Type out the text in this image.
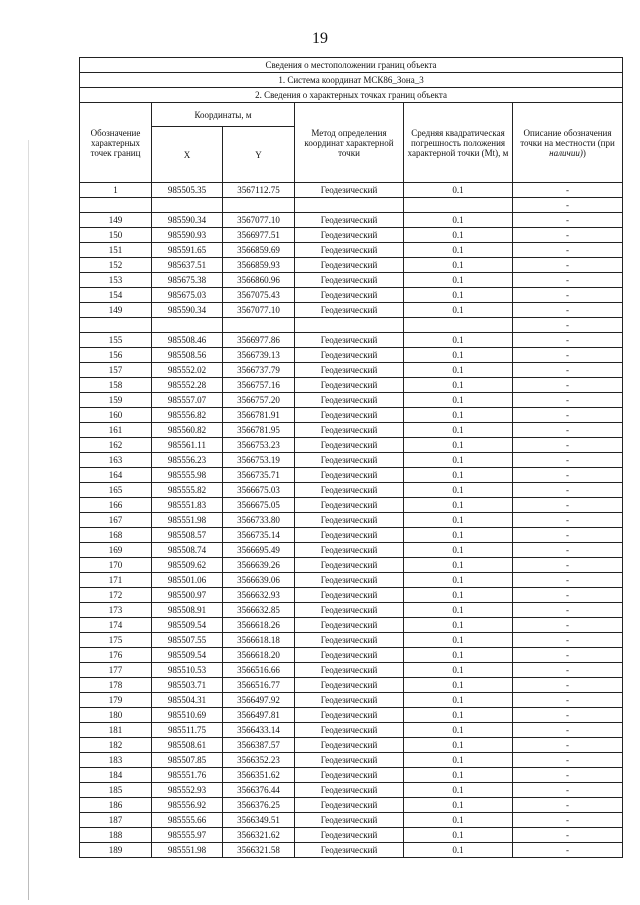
19
Сведения о местоположении границ объекта					
1. Система координат МСК86_Зона_3					
2. Сведения о характерных точках границ объекта					
Обозначение характерных точек границ	Координаты, м		Метод определения координат характерной точки	Средняя квадратическая погрешность положения характерной точки (Mt), м	Описание обозначения точки на местности (при наличии))
	X	Y			
1	985505.35	3567112.75	Геодезический	0.1	-
					-
149	985590.34	3567077.10	Геодезический	0.1	-
150	985590.93	3566977.51	Геодезический	0.1	-
151	985591.65	3566859.69	Геодезический	0.1	-
152	985637.51	3566859.93	Геодезический	0.1	-
153	985675.38	3566860.96	Геодезический	0.1	-
154	985675.03	3567075.43	Геодезический	0.1	-
149	985590.34	3567077.10	Геодезический	0.1	-
					-
155	985508.46	3566977.86	Геодезический	0.1	-
156	985508.56	3566739.13	Геодезический	0.1	-
157	985552.02	3566737.79	Геодезический	0.1	-
158	985552.28	3566757.16	Геодезический	0.1	-
159	985557.07	3566757.20	Геодезический	0.1	-
160	985556.82	3566781.91	Геодезический	0.1	-
161	985560.82	3566781.95	Геодезический	0.1	-
162	985561.11	3566753.23	Геодезический	0.1	-
163	985556.23	3566753.19	Геодезический	0.1	-
164	985555.98	3566735.71	Геодезический	0.1	-
165	985555.82	3566675.03	Геодезический	0.1	-
166	985551.83	3566675.05	Геодезический	0.1	-
167	985551.98	3566733.80	Геодезический	0.1	-
168	985508.57	3566735.14	Геодезический	0.1	-
169	985508.74	3566695.49	Геодезический	0.1	-
170	985509.62	3566639.26	Геодезический	0.1	-
171	985501.06	3566639.06	Геодезический	0.1	-
172	985500.97	3566632.93	Геодезический	0.1	-
173	985508.91	3566632.85	Геодезический	0.1	-
174	985509.54	3566618.26	Геодезический	0.1	-
175	985507.55	3566618.18	Геодезический	0.1	-
176	985509.54	3566618.20	Геодезический	0.1	-
177	985510.53	3566516.66	Геодезический	0.1	-
178	985503.71	3566516.77	Геодезический	0.1	-
179	985504.31	3566497.92	Геодезический	0.1	-
180	985510.69	3566497.81	Геодезический	0.1	-
181	985511.75	3566433.14	Геодезический	0.1	-
182	985508.61	3566387.57	Геодезический	0.1	-
183	985507.85	3566352.23	Геодезический	0.1	-
184	985551.76	3566351.62	Геодезический	0.1	-
185	985552.93	3566376.44	Геодезический	0.1	-
186	985556.92	3566376.25	Геодезический	0.1	-
187	985555.66	3566349.51	Геодезический	0.1	-
188	985555.97	3566321.62	Геодезический	0.1	-
189	985551.98	3566321.58	Геодезический	0.1	-
